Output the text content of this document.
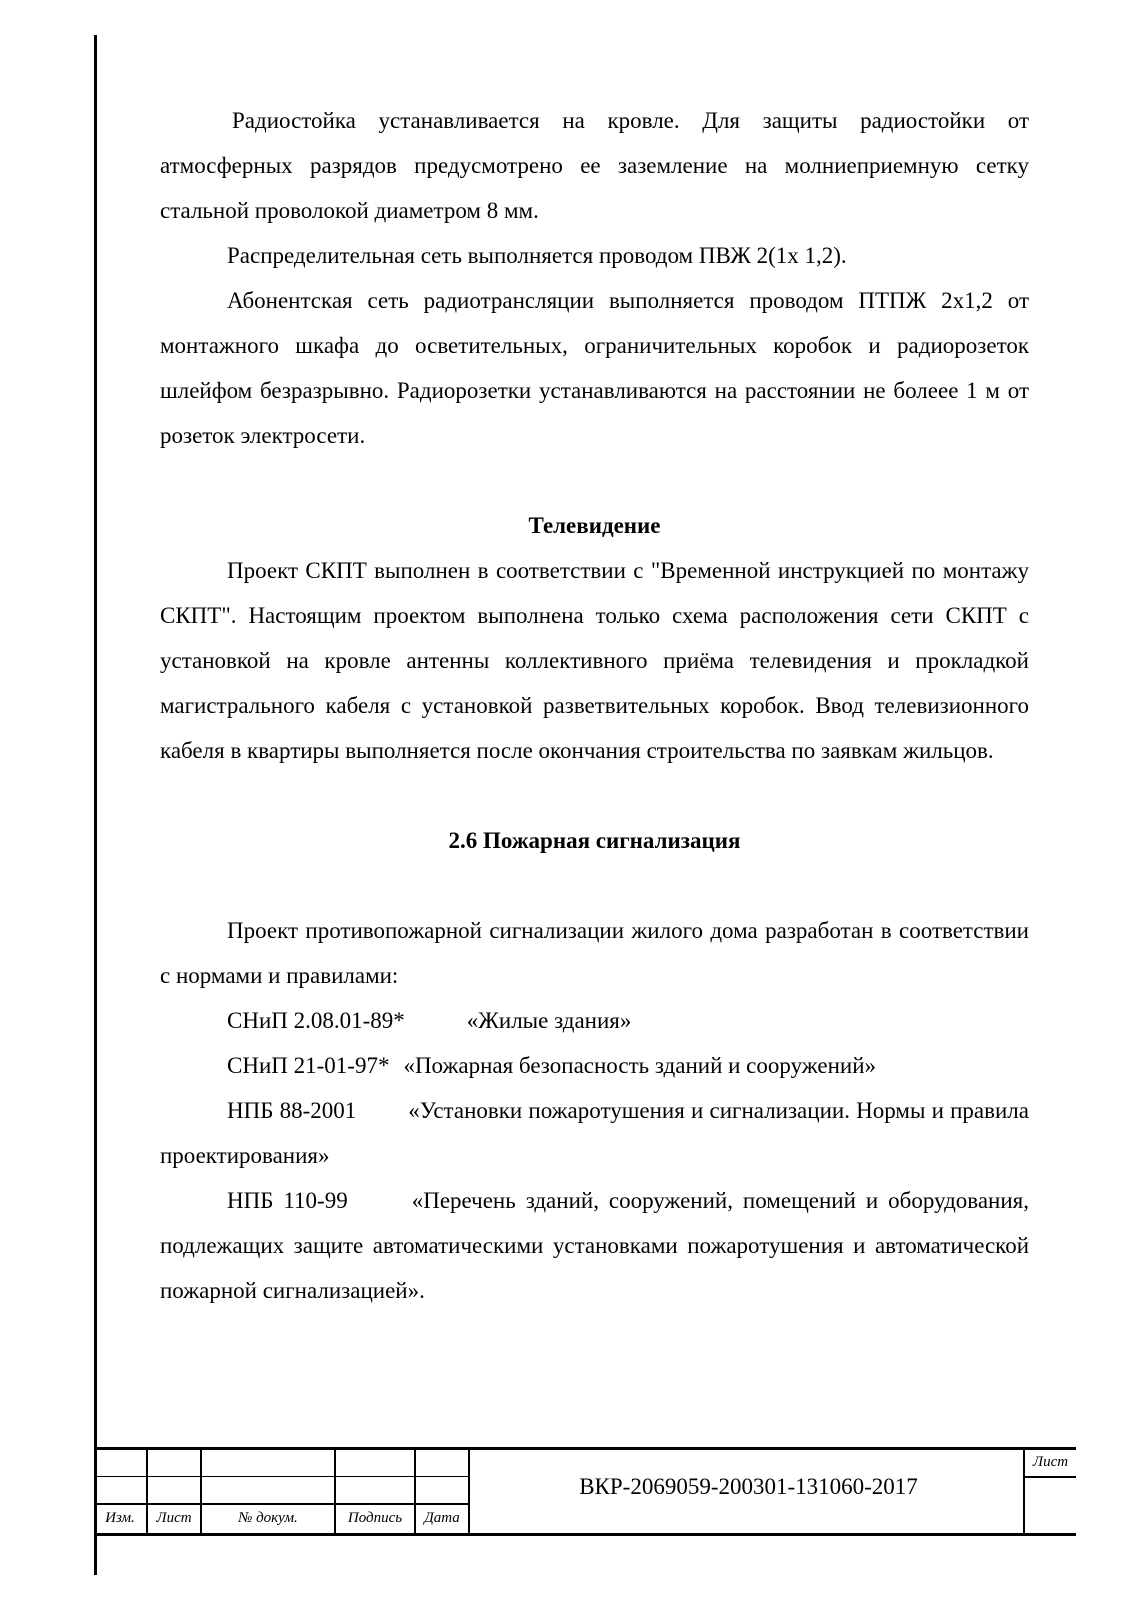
Радиостойка устанавливается на кровле. Для защиты радиостойки от атмосферных разрядов предусмотрено ее заземление на молниеприемную сетку стальной проволокой диаметром 8 мм.

Распределительная сеть выполняется проводом ПВЖ 2(1х 1,2).

Абонентская сеть радиотрансляции выполняется проводом ПТПЖ 2х1,2 от монтажного шкафа до осветительных, ограничительных коробок и радиорозеток шлейфом безразрывно. Радиорозетки устанавливаются на расстоянии не болеее 1 м от розеток электросети.

Телевидение

Проект СКПТ выполнен в соответствии с "Временной инструкцией по монтажу СКПТ". Настоящим проектом выполнена только схема расположения сети СКПТ с установкой на кровле антенны коллективного приёма телевидения и прокладкой магистрального кабеля с установкой разветвительных коробок. Ввод телевизионного кабеля в квартиры выполняется после окончания строительства по заявкам жильцов.

2.6 Пожарная сигнализация

Проект противопожарной сигнализации жилого дома разработан в соответствии с нормами и правилами:

СНиП 2.08.01-89*	«Жилые здания»

СНиП 21-01-97* «Пожарная безопасность зданий и сооружений»

НПБ 88-2001 «Установки пожаротушения и сигнализации. Нормы и правила проектирования»

НПБ 110-99	«Перечень зданий, сооружений, помещений и оборудования, подлежащих защите автоматическими установками пожаротушения и автоматической пожарной сигнализацией».

Изм.	Лист	№ докум.	Подпись	Дата
ВКР-2069059-200301-131060-2017
Лист
